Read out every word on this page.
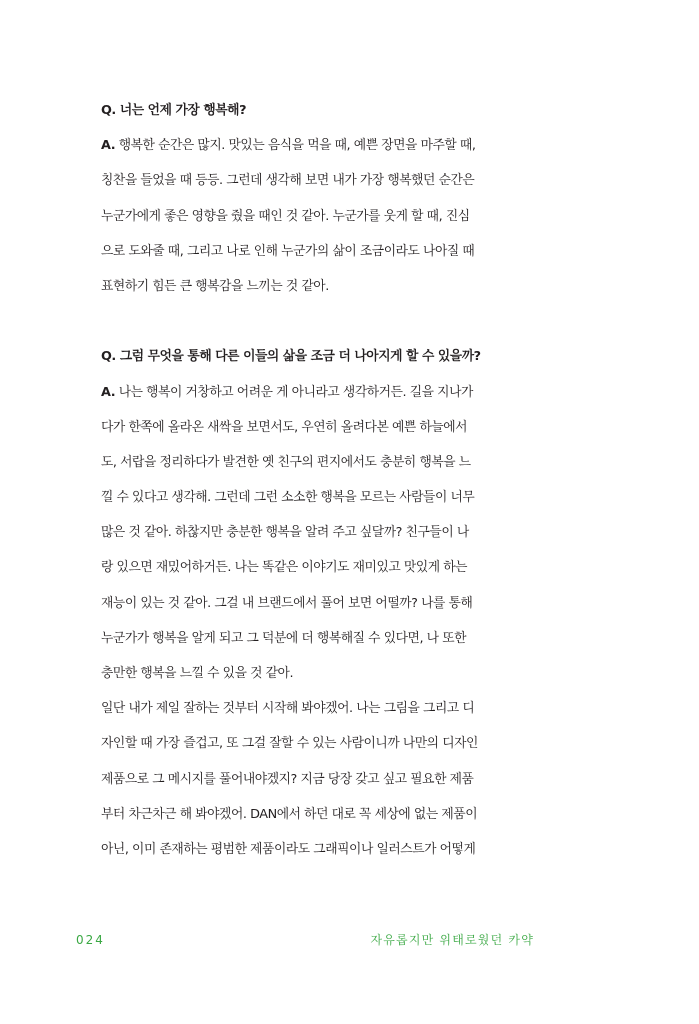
Q. 너는 언제 가장 행복해?
A. 행복한 순간은 많지. 맛있는 음식을 먹을 때, 예쁜 장면을 마주할 때,
칭찬을 들었을 때 등등. 그런데 생각해 보면 내가 가장 행복했던 순간은
누군가에게 좋은 영향을 줬을 때인 것 같아. 누군가를 웃게 할 때, 진심
으로 도와줄 때, 그리고 나로 인해 누군가의 삶이 조금이라도 나아질 때
표현하기 힘든 큰 행복감을 느끼는 것 같아.
Q. 그럼 무엇을 통해 다른 이들의 삶을 조금 더 나아지게 할 수 있을까?
A. 나는 행복이 거창하고 어려운 게 아니라고 생각하거든. 길을 지나가
다가 한쪽에 올라온 새싹을 보면서도, 우연히 올려다본 예쁜 하늘에서
도, 서랍을 정리하다가 발견한 옛 친구의 편지에서도 충분히 행복을 느
낄 수 있다고 생각해. 그런데 그런 소소한 행복을 모르는 사람들이 너무
많은 것 같아. 하찮지만 충분한 행복을 알려 주고 싶달까? 친구들이 나
랑 있으면 재밌어하거든. 나는 똑같은 이야기도 재미있고 맛있게 하는
재능이 있는 것 같아. 그걸 내 브랜드에서 풀어 보면 어떨까? 나를 통해
누군가가 행복을 알게 되고 그 덕분에 더 행복해질 수 있다면, 나 또한
충만한 행복을 느낄 수 있을 것 같아.
일단 내가 제일 잘하는 것부터 시작해 봐야겠어. 나는 그림을 그리고 디
자인할 때 가장 즐겁고, 또 그걸 잘할 수 있는 사람이니까 나만의 디자인
제품으로 그 메시지를 풀어내야겠지? 지금 당장 갖고 싶고 필요한 제품
부터 차근차근 해 봐야겠어. DAN에서 하던 대로 꼭 세상에 없는 제품이
아닌, 이미 존재하는 평범한 제품이라도 그래픽이나 일러스트가 어떻게
024	자유롭지만 위태로웠던 카약
